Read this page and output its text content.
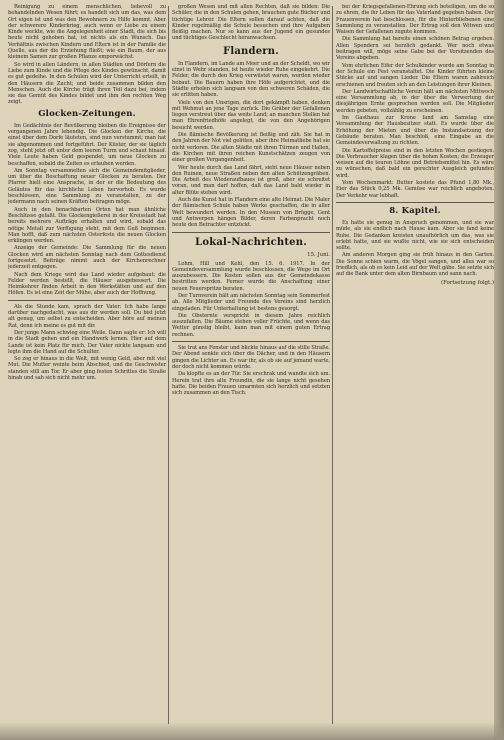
Reinigung zu einem menschlichen, liebevoll zu behandelnden Wesen führt; es handelt sich um das, was dem Ort eigen ist und was den Bewohnern zu Hilfe kommt. Aber der schwerere Kinderkrieg, auch wenn er Liebe zu einem Kinde weckte, wie die Angelegenheit einer Stadt, die sich bis heute nicht gehoben hat, ist nichts als ein Wunsch. Das Verhältnis zwischen Kindern und Eltern ist in der Familie die Quelle, aus der die Erziehung fließt; wie ein Baum, der aus kleinem Samen zur großen Pflanze emporwächst.

So wird in allen Ländern, in allen Städten und Dörfern die Liebe zum Kinde und die Pflege des Kindes gewünscht, damit es gut gedeihe. In den Schulen wird der Unterricht erteilt, in den Häusern die Zucht; und beide zusammen bilden den Menschen. Auch die Kirche trägt ihren Teil dazu bei, indem sie das Gemüt des Kindes bildet und ihm den rechten Weg zeigt.

Glocken-Zeitungen.

Im Gedächtnis der Bevölkerung bleiben die Ereignisse der vergangenen Jahre lebendig. Die Glocken der Kirche, die einst über dem Dorfe läuteten, sind nun verstummt; man hat sie abgenommen und fortgeführt. Der Küster, der sie täglich zog, steht jetzt oft unter dem leeren Turm und schaut hinauf. Viele Leute haben Geld gespendet, um neue Glocken zu beschaffen, sobald die Zeiten es erlauben werden.

Am Sonntag versammelten sich die Gemeindemitglieder, um über die Beschaffung neuer Glocken zu beraten. Der Pfarrer hielt eine Ansprache, in der er die Bedeutung des Geläutes für das kirchliche Leben hervorhob. Es wurde beschlossen, eine Sammlung zu veranstalten, zu der jedermann nach seinen Kräften beitragen möge.

Auch in den benachbarten Orten hat man ähnliche Beschlüsse gefaßt. Die Glockengießerei in der Kreisstadt hat bereits mehrere Aufträge erhalten und wird, sobald das nötige Metall zur Verfügung steht, mit dem Guß beginnen. Man hofft, daß zum nächsten Osterfeste die neuen Glocken erklingen werden.

Anzeige der Gemeinde: Die Sammlung für die neuen Glocken wird am nächsten Sonntag nach dem Gottesdienst fortgesetzt. Beiträge nimmt auch der Kirchenrechner jederzeit entgegen.

Nach dem Kriege wird das Land wieder aufgebaut; die Felder werden bestellt, die Häuser ausgebessert. Die Heimkehrer finden Arbeit in den Werkstätten und auf den Höfen. Es ist eine Zeit der Mühe, aber auch der Hoffnung.

Als die Stunde kam, sprach der Vater: Ich habe lange darüber nachgedacht, was aus dir werden soll. Du bist jetzt alt genug, um selbst zu entscheiden. Aber höre auf meinen Rat, denn ich meine es gut mit dir.

Der junge Mann schwieg eine Weile. Dann sagte er: Ich will in die Stadt gehen und ein Handwerk lernen. Hier auf dem Lande ist kein Platz für mich. Der Vater nickte langsam und legte ihm die Hand auf die Schulter.

So zog er hinaus in die Welt, mit wenig Geld, aber mit viel Mut. Die Mutter weinte beim Abschied, und die Geschwister standen still am Tor. Er aber ging festen Schrittes die Straße hinab und sah sich nicht mehr um.

großen Wesen und mit allen Rechten, daß sie bilden: Die Schüler, die in den Schulen gehen, brauchen gute Bücher und tüchtige Lehrer. Die Eltern sollen darauf achten, daß die Kinder regelmäßig die Schule besuchen und ihre Aufgaben fleißig machen. Nur so kann aus der Jugend ein gesundes und tüchtiges Geschlecht heranwachsen.

Flandern.

In Flandern, im Lande am Meer und an der Scheldt, wo wir einst in Wehr standen, ist heute wieder Ruhe eingekehrt. Die Felder, die durch den Krieg verwüstet waren, werden wieder bebaut. Die Bauern haben ihre Höfe aufgerichtet, und die Städte erholen sich langsam von den schweren Schäden, die sie erlitten haben.

Viele von den Unsrigen, die dort gekämpft haben, denken mit Wehmut an jene Tage zurück. Die Gräber der Gefallenen liegen verstreut über das weite Land; an manchen Stellen hat man Ehrenfriedhöfe angelegt, die von den Angehörigen besucht werden.

Die flämische Bevölkerung ist fleißig und zäh. Sie hat in den Jahren der Not viel gelitten, aber ihre Heimatliebe hat sie nicht verloren. Die alten Städte mit ihren Türmen und Hallen, die Kirchen mit ihren reichen Kunstschätzen zeugen von einer großen Vergangenheit.

Wer heute durch das Land fährt, sieht neue Häuser neben den Ruinen, neue Straßen neben den alten Schützengräben. Die Arbeit des Wiederaufbaues ist groß, aber sie schreitet voran, und man darf hoffen, daß das Land bald wieder in alter Blüte stehen wird.

Auch die Kunst hat in Flandern eine alte Heimat. Die Maler der flämischen Schule haben Werke geschaffen, die in aller Welt bewundert werden. In den Museen von Brügge, Gent und Antwerpen hängen Bilder, deren Farbenpracht noch heute den Betrachter entzückt.

Lokal-Nachrichten.
15. Juni.

Lohm, Hill und Kehl, den 15. 6. 1917. In der Gemeindeversammlung wurde beschlossen, die Wege im Ort auszubessern. Die Kosten sollen aus der Gemeindekasse bestritten werden. Ferner wurde die Anschaffung einer neuen Feuerspritze beraten.

Der Turnverein hält am nächsten Sonntag sein Sommerfest ab. Alle Mitglieder und Freunde des Vereins sind herzlich eingeladen. Für Unterhaltung ist bestens gesorgt.

Die Obsternte verspricht in diesem Jahre reichlich auszufallen. Die Bäume stehen voller Früchte, und wenn das Wetter günstig bleibt, kann man mit einem guten Ertrag rechnen.

Sie trat ans Fenster und blickte hinaus auf die stille Straße. Der Abend senkte sich über die Dächer, und in den Häusern gingen die Lichter an. Es war ihr, als ob sie auf jemand warte, der doch nicht kommen würde.

Da klopfte es an der Tür. Sie erschrak und wandte sich um. Herein trat ihre alte Freundin, die sie lange nicht gesehen hatte. Die beiden Frauen umarmten sich herzlich und setzten sich zusammen an den Tisch.

bei der Kriegsgefallenen-Ehrung sich beteiligen, um die so zu ehren, die ihr Leben für das Vaterland gegeben haben. Der Frauenverein hat beschlossen, für die Hinterbliebenen eine Sammlung zu veranstalten. Der Ertrag soll den Witwen und Waisen der Gefallenen zugute kommen.

Die Sammlung hat bereits einen schönen Betrag ergeben. Allen Spendern sei herzlich gedankt. Wer noch etwas beitragen will, möge seine Gabe bei der Vorsitzenden des Vereins abgeben.

Vom ehrlichen Eifer der Schulkinder wurde am Sonntag in der Schule ein Fest veranstaltet. Die Kinder führten kleine Stücke auf und sangen Lieder. Die Eltern waren zahlreich erschienen und freuten sich an den Leistungen ihrer Kleinen.

Der Landwirtschaftliche Verein hält am nächsten Mittwoch eine Versammlung ab, in der über die Verwertung der diesjährigen Ernte gesprochen werden soll. Die Mitglieder werden gebeten, vollzählig zu erscheinen.

Im Gasthaus zur Krone fand am Samstag eine Versammlung der Hausbesitzer statt. Es wurde über die Erhöhung der Mieten und über die Instandsetzung der Gebäude beraten. Man beschloß, eine Eingabe an die Gemeindeverwaltung zu richten.

Die Kartoffelpreise sind in den letzten Wochen gestiegen. Die Verbraucher klagen über die hohen Kosten; die Erzeuger weisen auf die teuren Löhne und Betriebsmittel hin. Es wäre zu wünschen, daß bald ein gerechter Ausgleich gefunden wird.

Vom Wochenmarkt: Butter kostete das Pfund 1,80 Mk., Eier das Stück 0,25 Mk. Gemüse war reichlich angeboten. Der Verkehr war lebhaft.

8. Kapitel.

Es hatte sie genug in Anspruch genommen, und sie war müde, als sie endlich nach Hause kam. Aber sie fand keine Ruhe. Die Gedanken kreisten unaufhörlich um das, was sie erlebt hatte, und sie wußte nicht, wie sie sich entscheiden sollte.

Am anderen Morgen ging sie früh hinaus in den Garten. Die Sonne schien warm, die Vögel sangen, und alles war so friedlich, als ob es kein Leid auf der Welt gäbe. Sie setzte sich auf die Bank unter dem alten Birnbaum und sann nach.

(Fortsetzung folgt.)
